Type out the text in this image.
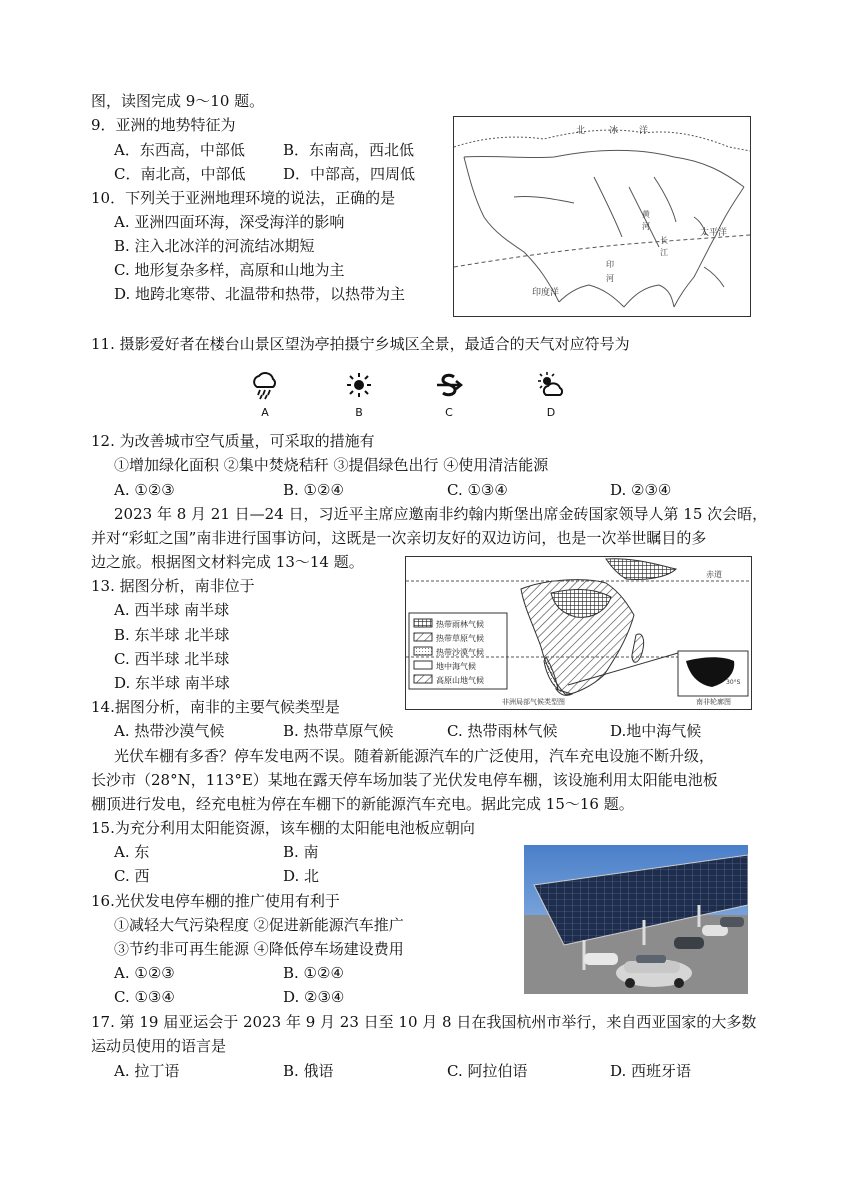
图，读图完成 9～10 题。
9．亚洲的地势特征为
A．东西高，中部低	B．东南高，西北低
C．南北高，中部低	D．中部高，四周低
10．下列关于亚洲地理环境的说法，正确的是
A. 亚洲四面环海，深受海洋的影响
B. 注入北冰洋的河流结冰期短
C. 地形复杂多样，高原和山地为主
D. 地跨北寒带、北温带和热带，以热带为主
北	冰 洋
太平洋
印度洋
印
河
黄
河
长
江
11. 摄影爱好者在楼台山景区望沩亭拍摄宁乡城区全景，最适合的天气对应符号为
A	B	C	D
12. 为改善城市空气质量，可采取的措施有
①增加绿化面积 ②集中焚烧秸秆 ③提倡绿色出行 ④使用清洁能源
A. ①②③	B. ①②④	C. ①③④	D. ②③④
2023 年 8 月 21 日—24 日，习近平主席应邀南非约翰内斯堡出席金砖国家领导人第 15 次会晤，
并对“彩虹之国”南非进行国事访问，这既是一次亲切友好的双边访问，也是一次举世瞩目的多
边之旅。根据图文材料完成 13～14 题。
13. 据图分析，南非位于
A. 西半球 南半球
B. 东半球 北半球
C. 西半球 北半球
D. 东半球 南半球
赤道
热带雨林气候
热带草原气候
热带沙漠气候
地中海气候
高原山地气候
非洲局部气候类型图	南非轮廓图
30°S
14.据图分析，南非的主要气候类型是
A. 热带沙漠气候	B. 热带草原气候	C. 热带雨林气候	D.地中海气候
光伏车棚有多香？停车发电两不误。随着新能源汽车的广泛使用，汽车充电设施不断升级，
长沙市（28°N，113°E）某地在露天停车场加装了光伏发电停车棚，该设施利用太阳能电池板
棚顶进行发电，经充电桩为停在车棚下的新能源汽车充电。据此完成 15～16 题。
15.为充分利用太阳能资源，该车棚的太阳能电池板应朝向
A. 东	B. 南
C. 西	D. 北
16.光伏发电停车棚的推广使用有利于
①减轻大气污染程度 ②促进新能源汽车推广
③节约非可再生能源 ④降低停车场建设费用
A. ①②③	B. ①②④
C. ①③④	D. ②③④
17. 第 19 届亚运会于 2023 年 9 月 23 日至 10 月 8 日在我国杭州市举行，来自西亚国家的大多数
运动员使用的语言是
A. 拉丁语	B. 俄语	C. 阿拉伯语	D. 西班牙语
